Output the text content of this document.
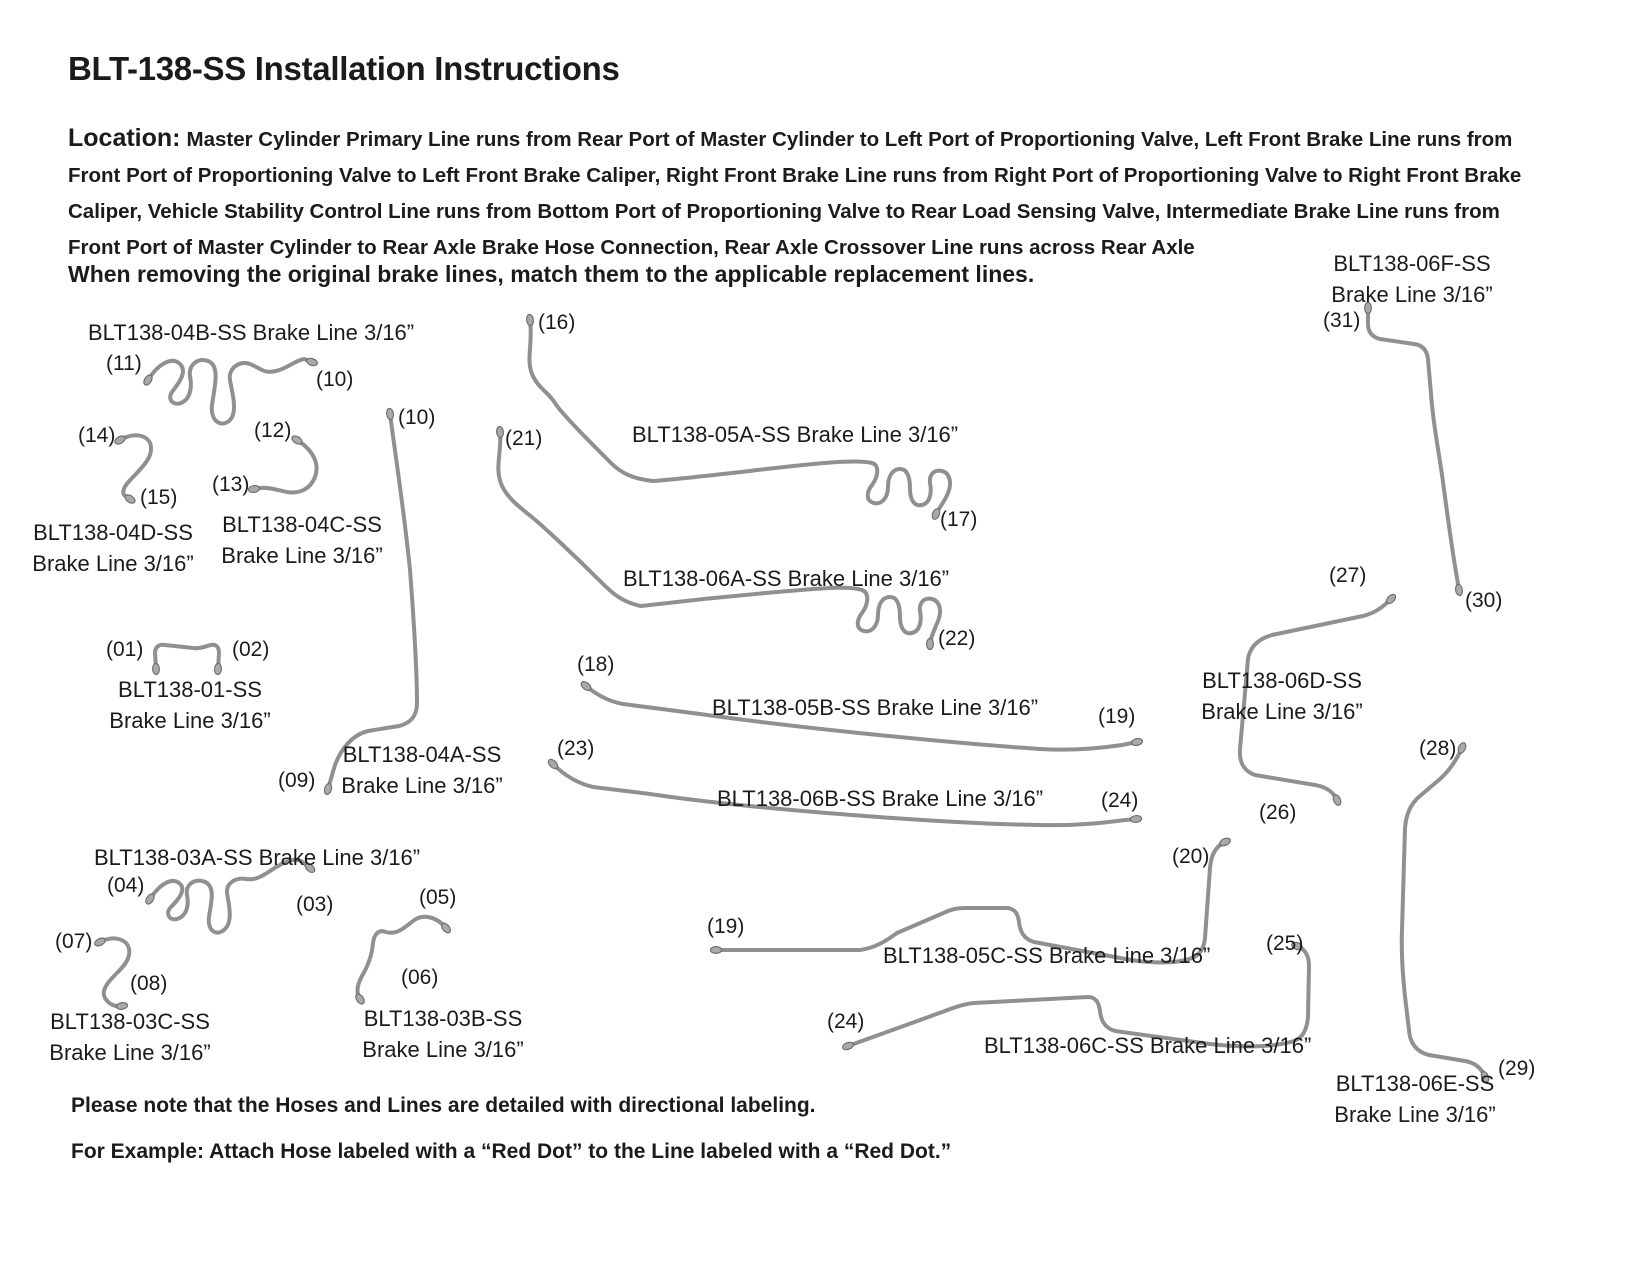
BLT-138-SS Installation Instructions

Location: Master Cylinder Primary Line runs from Rear Port of Master Cylinder to Left Port of Proportioning Valve, Left Front Brake Line runs from Front Port of Proportioning Valve to Left Front Brake Caliper, Right Front Brake Line runs from Right Port of Proportioning Valve to Right Front Brake Caliper, Vehicle Stability Control Line runs from Bottom Port of Proportioning Valve to Rear Load Sensing Valve, Intermediate Brake Line runs from Front Port of Master Cylinder to Rear Axle Brake Hose Connection, Rear Axle Crossover Line runs across Rear Axle

When removing the original brake lines, match them to the applicable replacement lines.
BLT138-04B-SS Brake Line 3/16”
BLT138-04D-SS
Brake Line 3/16”
BLT138-04C-SS
Brake Line 3/16”
BLT138-01-SS
Brake Line 3/16”
BLT138-04A-SS
Brake Line 3/16”
BLT138-03A-SS Brake Line 3/16”
BLT138-03C-SS
Brake Line 3/16”
BLT138-03B-SS
Brake Line 3/16”
BLT138-05A-SS Brake Line 3/16”
BLT138-06A-SS Brake Line 3/16”
BLT138-05B-SS Brake Line 3/16”
BLT138-06B-SS Brake Line 3/16”
BLT138-05C-SS Brake Line 3/16”
BLT138-06C-SS Brake Line 3/16”
BLT138-06D-SS
Brake Line 3/16”
BLT138-06E-SS
Brake Line 3/16”
BLT138-06F-SS
Brake Line 3/16”
(11)
(10)
(14)	(12)
(13)
(15)
(10)
(16)
(21)
(17)
(22)
(18)
(19)
(23)
(24)
(01)	(02)
(09)
(04)
(03)	(05)
(07)
(08)	(06)
(19)
(20)
(24)
(25)
(26)
(27)
(28)
(29)
(30)
(31)
Please note that the Hoses and Lines are detailed with directional labeling.
For Example: Attach Hose labeled with a “Red Dot” to the Line labeled with a “Red Dot.”
